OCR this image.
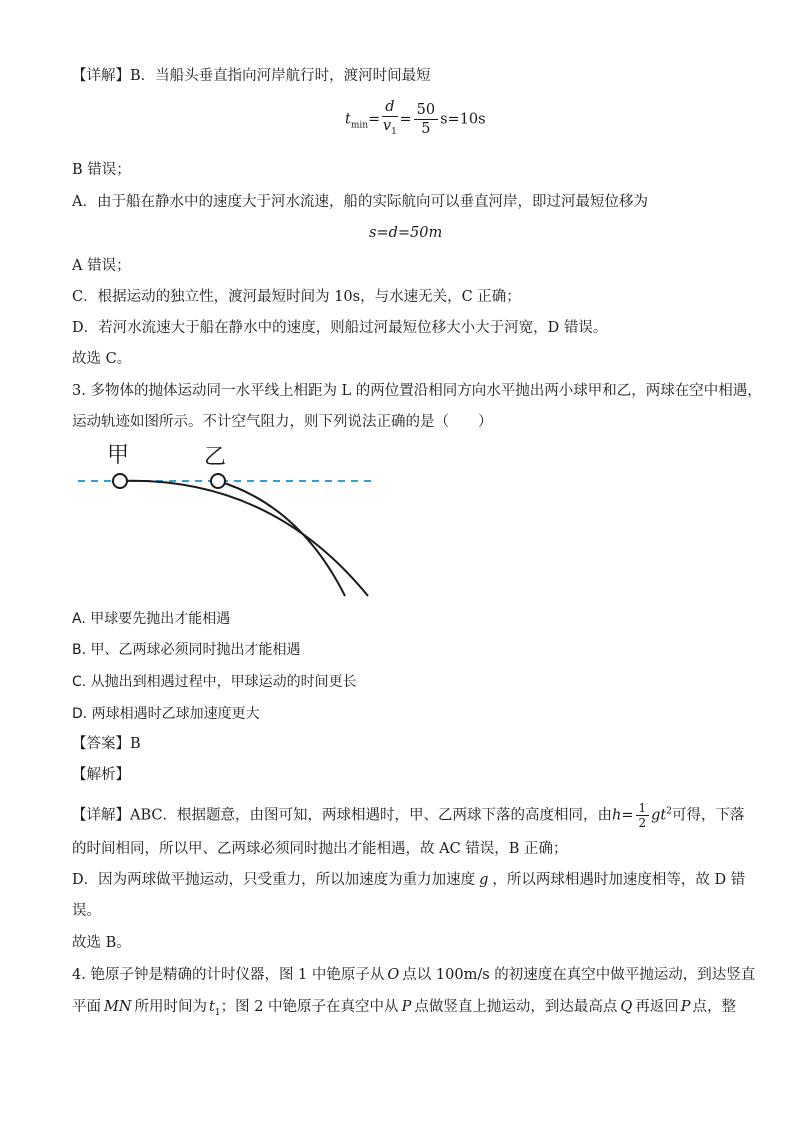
【详解】B．当船头垂直指向河岸航行时，渡河时间最短
$t_{min}= \frac{d}{v_1} = \frac{50}{5} s=10s$
B 错误；
A．由于船在静水中的速度大于河水流速，船的实际航向可以垂直河岸，即过河最短位移为
s=d=50m
A 错误；
C．根据运动的独立性，渡河最短时间为 10s，与水速无关，C 正确；
D．若河水流速大于船在静水中的速度，则船过河最短位移大小大于河宽，D 错误。
故选 C。
3. 多物体的抛体运动同一水平线上相距为 L 的两位置沿相同方向水平抛出两小球甲和乙，两球在空中相遇，
运动轨迹如图所示。不计空气阻力，则下列说法正确的是（　　）
甲	乙
A. 甲球要先抛出才能相遇
B. 甲、乙两球必须同时抛出才能相遇
C. 从抛出到相遇过程中，甲球运动的时间更长
D. 两球相遇时乙球加速度更大
【答案】B
【解析】
【详解】ABC．根据题意，由图可知，两球相遇时，甲、乙两球下落的高度相同，由$h= \frac{1}{2} gt^2$可得，下落
的时间相同，所以甲、乙两球必须同时抛出才能相遇，故 AC 错误，B 正确；
D．因为两球做平抛运动，只受重力，所以加速度为重力加速度 g ，所以两球相遇时加速度相等，故 D 错
误。
故选 B。
4. 铯原子钟是精确的计时仪器，图 1 中铯原子从 O 点以 100m/s 的初速度在真空中做平抛运动，到达竖直
平面 MN 所用时间为 $t_1$；图 2 中铯原子在真空中从 P 点做竖直上抛运动，到达最高点 Q 再返回 P 点，整
